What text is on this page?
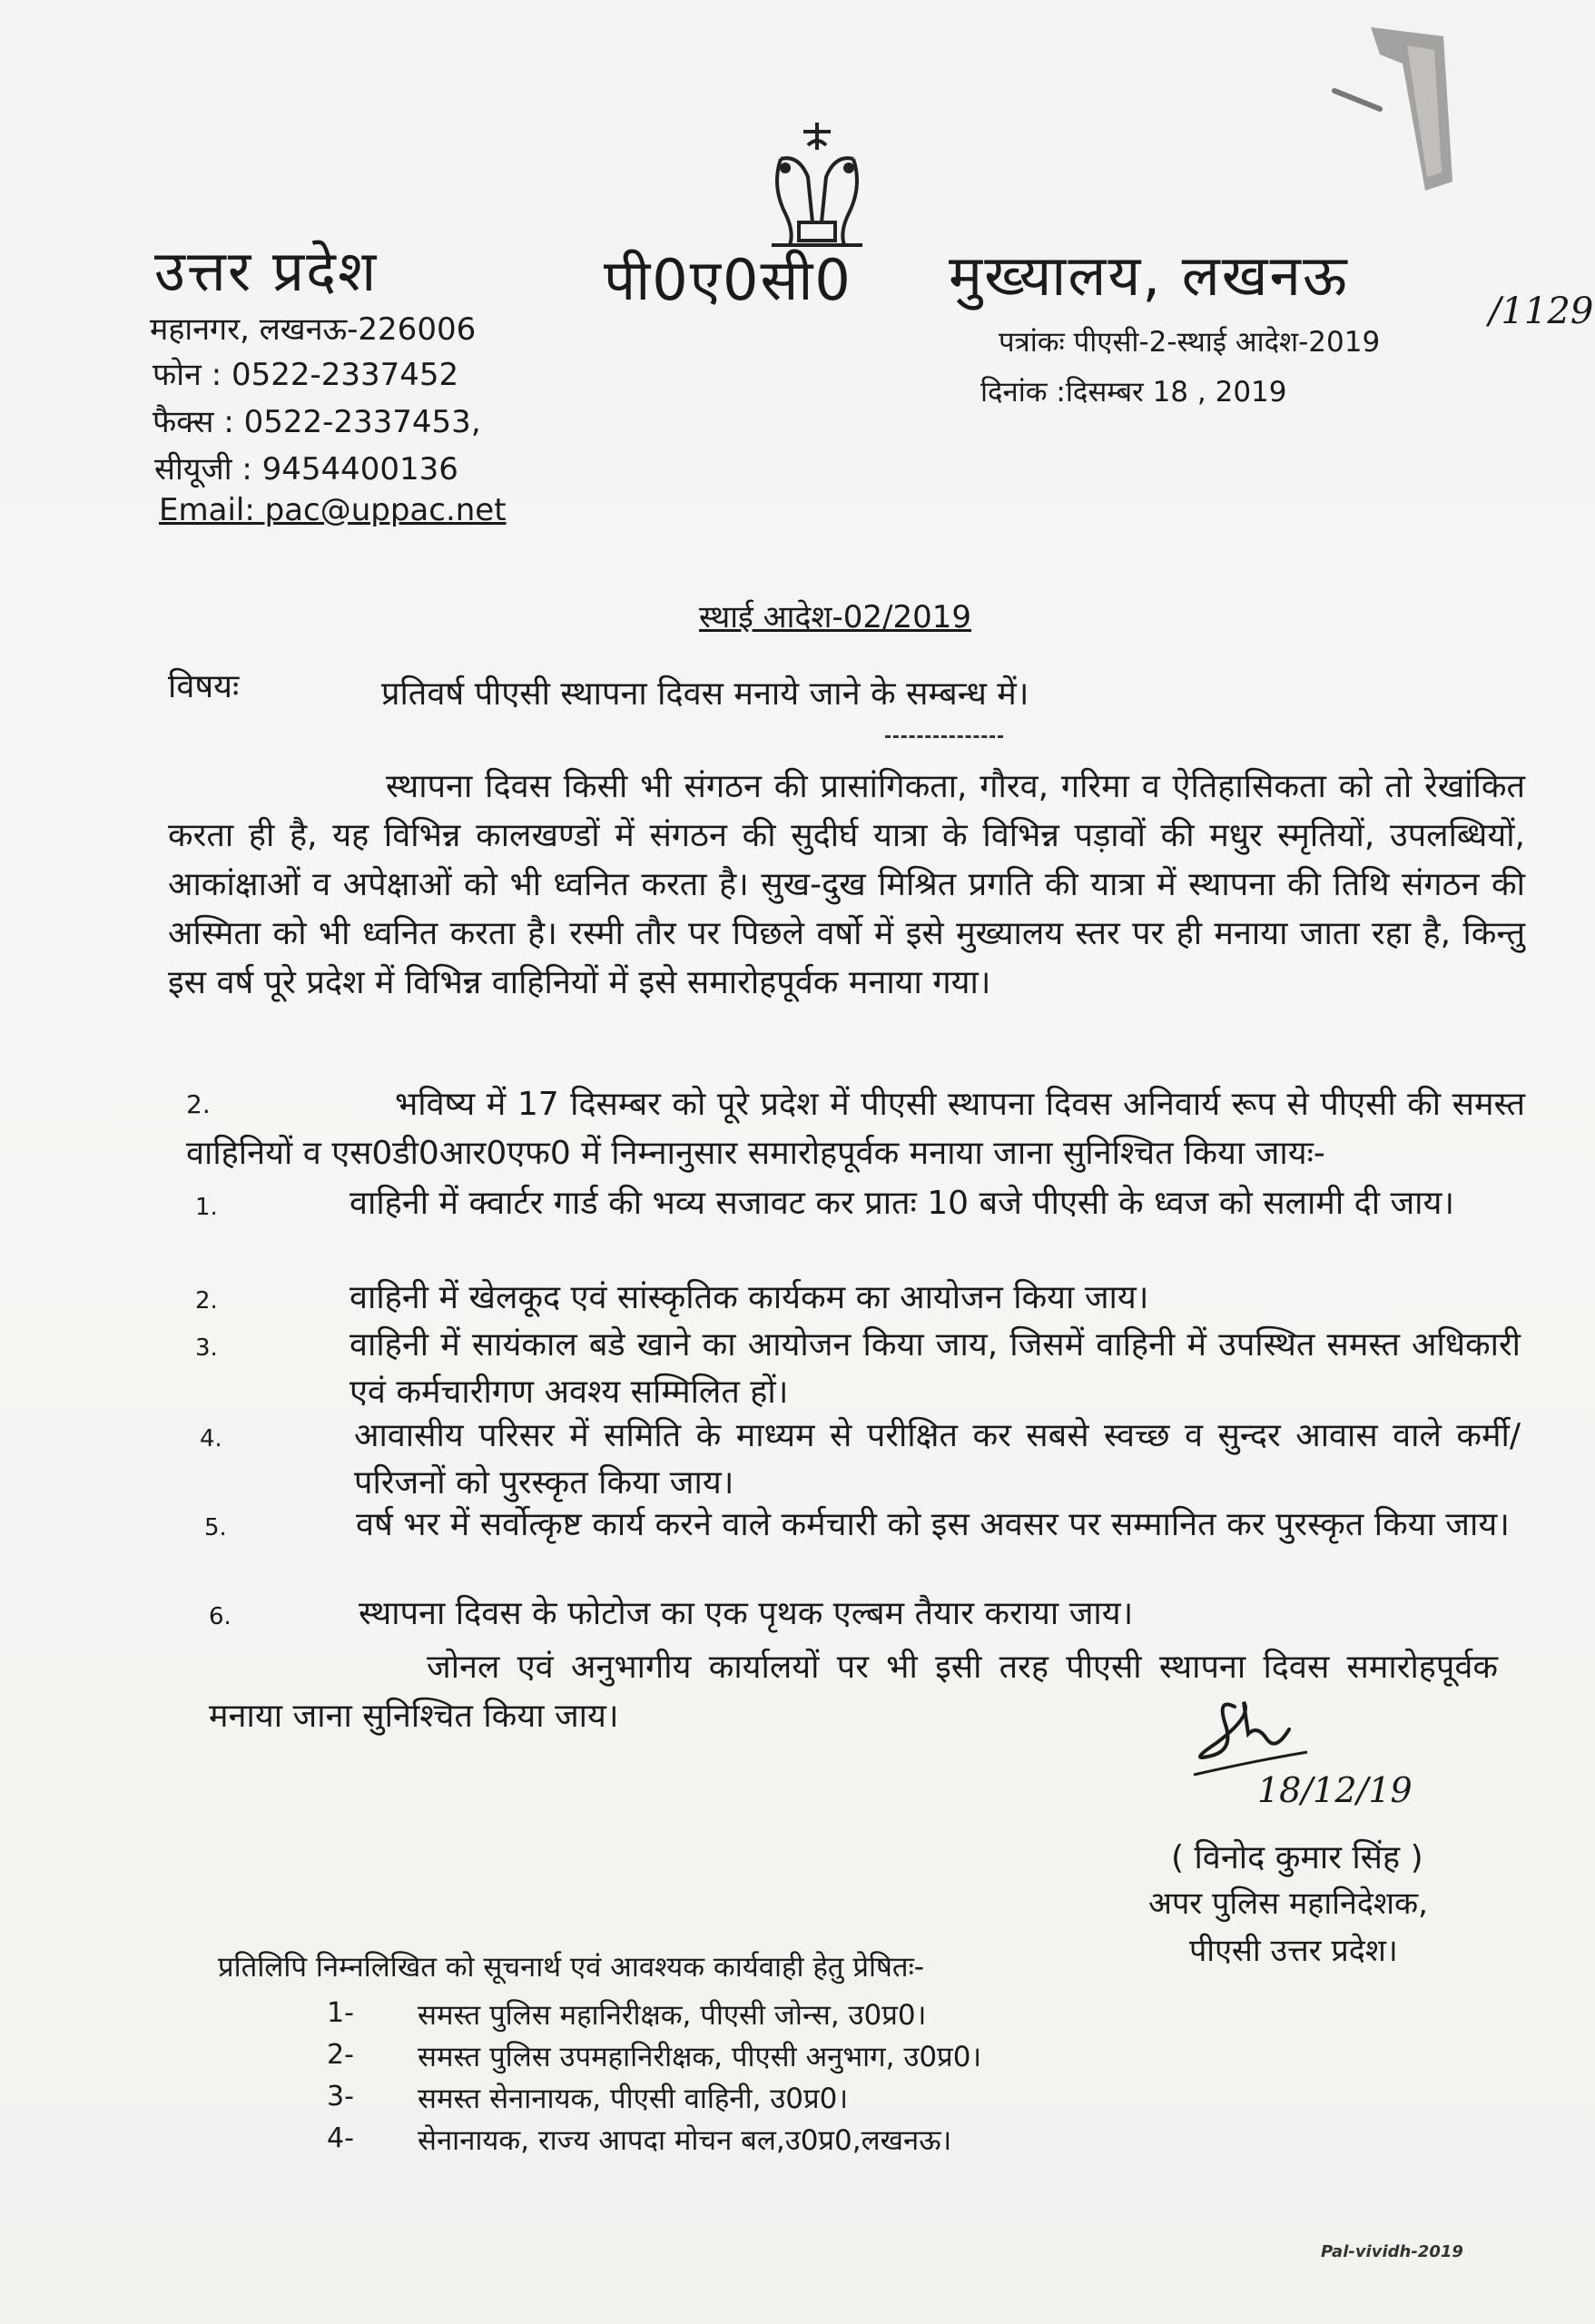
उत्तर प्रदेश	पी0ए0सी0 मुख्यालय, लखनऊ
महानगर, लखनऊ-226006
फोन : 0522-2337452
फैक्स : 0522-2337453,
सीयूजी : 9454400136
Email: pac@uppac.net
पत्रांकः पीएसी-2-स्थाई आदेश-2019
/1129
दिनांक :दिसम्बर 18 , 2019
स्थाई आदेश-02/2019
विषयः	प्रतिवर्ष पीएसी स्थापना दिवस मनाये जाने के सम्बन्ध में।
स्थापना दिवस किसी भी संगठन की प्रासांगिकता, गौरव, गरिमा व ऐतिहासिकता को तो रेखांकित करता ही है, यह विभिन्न कालखण्डों में संगठन की सुदीर्घ यात्रा के विभिन्न पड़ावों की मधुर स्मृतियों, उपलब्धियों, आकांक्षाओं व अपेक्षाओं को भी ध्वनित करता है। सुख-दुख मिश्रित प्रगति की यात्रा में स्थापना की तिथि संगठन की अस्मिता को भी ध्वनित करता है। रस्मी तौर पर पिछले वर्षो में इसे मुख्यालय स्तर पर ही मनाया जाता रहा है, किन्तु इस वर्ष पूरे प्रदेश में विभिन्न वाहिनियों में इसे समारोहपूर्वक मनाया गया।
2.	भविष्य में 17 दिसम्बर को पूरे प्रदेश में पीएसी स्थापना दिवस अनिवार्य रूप से पीएसी की समस्त वाहिनियों व एस0डी0आर0एफ0 में निम्नानुसार समारोहपूर्वक मनाया जाना सुनिश्चित किया जायः-
1.	वाहिनी में क्वार्टर गार्ड की भव्य सजावट कर प्रातः 10 बजे पीएसी के ध्वज को सलामी दी जाय।
2.	वाहिनी में खेलकूद एवं सांस्कृतिक कार्यकम का आयोजन किया जाय।
3.	वाहिनी में सायंकाल बडे खाने का आयोजन किया जाय, जिसमें वाहिनी में उपस्थित समस्त अधिकारी एवं कर्मचारीगण अवश्य सम्मिलित हों।
4.	आवासीय परिसर में समिति के माध्यम से परीक्षित कर सबसे स्वच्छ व सुन्दर आवास वाले कर्मी/परिजनों को पुरस्कृत किया जाय।
5.	वर्ष भर में सर्वोत्कृष्ट कार्य करने वाले कर्मचारी को इस अवसर पर सम्मानित कर पुरस्कृत किया जाय।
6.	स्थापना दिवस के फोटोज का एक पृथक एल्बम तैयार कराया जाय।
जोनल एवं अनुभागीय कार्यालयों पर भी इसी तरह पीएसी स्थापना दिवस समारोहपूर्वक मनाया जाना सुनिश्चित किया जाय।
18/12/19
( विनोद कुमार सिंह )
अपर पुलिस महानिदेशक,
पीएसी उत्तर प्रदेश।
प्रतिलिपि निम्नलिखित को सूचनार्थ एवं आवश्यक कार्यवाही हेतु प्रेषितः-
1- समस्त पुलिस महानिरीक्षक, पीएसी जोन्स, उ0प्र0।
2- समस्त पुलिस उपमहानिरीक्षक, पीएसी अनुभाग, उ0प्र0।
3- समस्त सेनानायक, पीएसी वाहिनी, उ0प्र0।
4- सेनानायक, राज्य आपदा मोचन बल,उ0प्र0,लखनऊ।
Pal-vividh-2019
